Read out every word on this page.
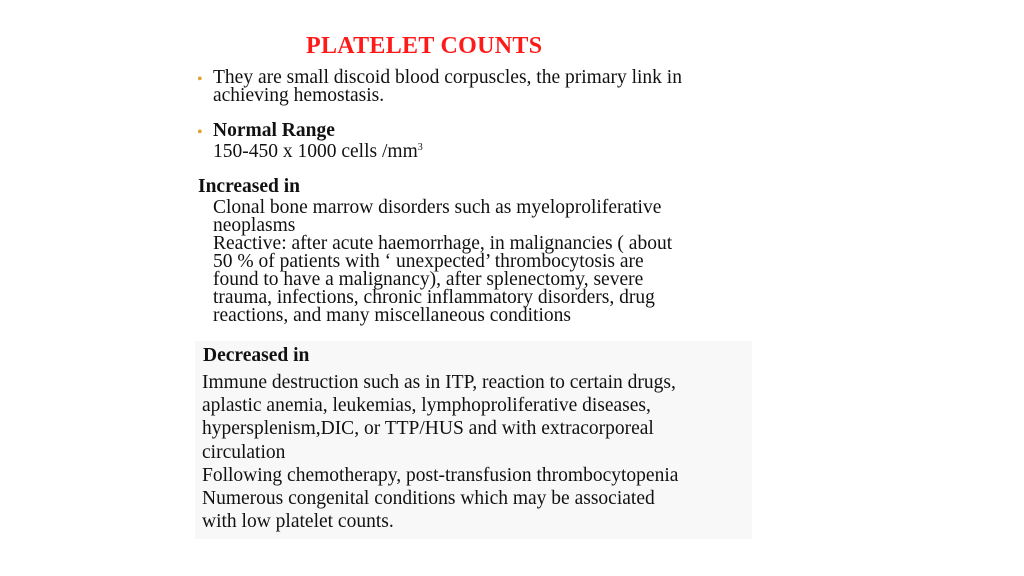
PLATELET COUNTS
• They are small discoid blood corpuscles, the primary link in
achieving hemostasis.
• Normal Range
150-450 x 1000 cells $/mm^3$
Increased in
Clonal bone marrow disorders such as myeloproliferative
neoplasms
Reactive: after acute haemorrhage, in malignancies ( about
50 % of patients with ‘ unexpected’ thrombocytosis are
found to have a malignancy), after splenectomy, severe
trauma, infections, chronic inflammatory disorders, drug
reactions, and many miscellaneous conditions
Decreased in
Immune destruction such as in ITP, reaction to certain drugs,
aplastic anemia, leukemias, lymphoproliferative diseases,
hypersplenism,DIC, or TTP/HUS and with extracorporeal
circulation
Following chemotherapy, post-transfusion thrombocytopenia
Numerous congenital conditions which may be associated
with low platelet counts.
